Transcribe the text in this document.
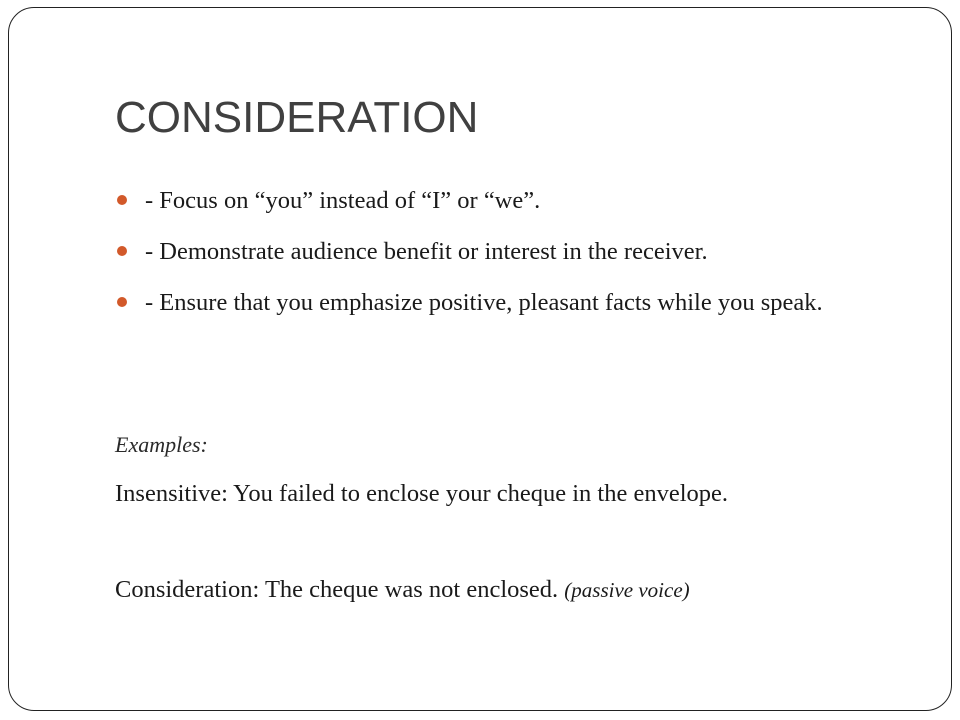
CONSIDERATION
- Focus on “you” instead of “I” or “we”.
- Demonstrate audience benefit or interest in the receiver.
- Ensure that you emphasize positive, pleasant facts while you speak.

Examples:

Insensitive: You failed to enclose your cheque in the envelope.

Consideration: The cheque was not enclosed. (passive voice)
